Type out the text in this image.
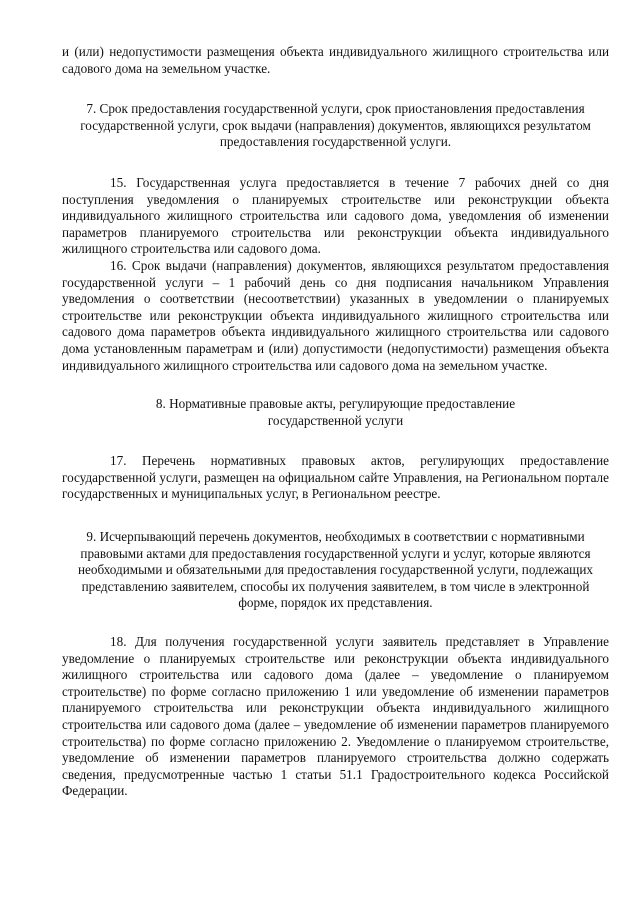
и (или) недопустимости размещения объекта индивидуального жилищного строительства или садового дома на земельном участке.

7. Срок предоставления государственной услуги, срок приостановления предоставления государственной услуги, срок выдачи (направления) документов, являющихся результатом предоставления государственной услуги.

15. Государственная услуга предоставляется в течение 7 рабочих дней со дня поступления уведомления о планируемых строительстве или реконструкции объекта индивидуального жилищного строительства или садового дома, уведомления об изменении параметров планируемого строительства или реконструкции объекта индивидуального жилищного строительства или садового дома.

16. Срок выдачи (направления) документов, являющихся результатом предоставления государственной услуги – 1 рабочий день со дня подписания начальником Управления уведомления о соответствии (несоответствии) указанных в уведомлении о планируемых строительстве или реконструкции объекта индивидуального жилищного строительства или садового дома параметров объекта индивидуального жилищного строительства или садового дома установленным параметрам и (или) допустимости (недопустимости) размещения объекта индивидуального жилищного строительства или садового дома на земельном участке.

8. Нормативные правовые акты, регулирующие предоставление государственной услуги

17. Перечень нормативных правовых актов, регулирующих предоставление государственной услуги, размещен на официальном сайте Управления, на Региональном портале государственных и муниципальных услуг, в Региональном реестре.

9. Исчерпывающий перечень документов, необходимых в соответствии с нормативными правовыми актами для предоставления государственной услуги и услуг, которые являются необходимыми и обязательными для предоставления государственной услуги, подлежащих представлению заявителем, способы их получения заявителем, в том числе в электронной форме, порядок их представления.

18. Для получения государственной услуги заявитель представляет в Управление уведомление о планируемых строительстве или реконструкции объекта индивидуального жилищного строительства или садового дома (далее – уведомление о планируемом строительстве) по форме согласно приложению 1 или уведомление об изменении параметров планируемого строительства или реконструкции объекта индивидуального жилищного строительства или садового дома (далее – уведомление об изменении параметров планируемого строительства) по форме согласно приложению 2. Уведомление о планируемом строительстве, уведомление об изменении параметров планируемого строительства должно содержать сведения, предусмотренные частью 1 статьи 51.1 Градостроительного кодекса Российской Федерации.
